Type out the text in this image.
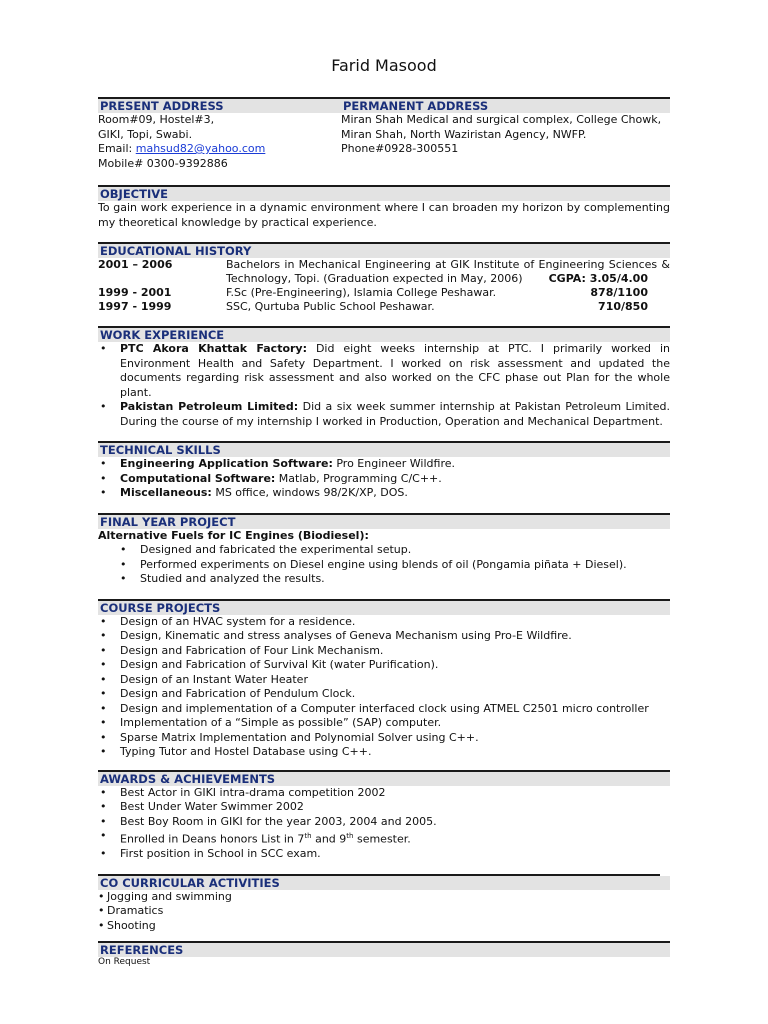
Farid Masood
PRESENT ADDRESS	PERMANENT ADDRESS
Room#09, Hostel#3,
GIKI, Topi, Swabi.
Email: mahsud82@yahoo.com
Mobile# 0300-9392886
Miran Shah Medical and surgical complex, College Chowk,
Miran Shah, North Waziristan Agency, NWFP.
Phone#0928-300551
OBJECTIVE
To gain work experience in a dynamic environment where I can broaden my horizon by complementing my theoretical knowledge by practical experience.
EDUCATIONAL HISTORY
2001 – 2006	Bachelors in Mechanical Engineering at GIK Institute of Engineering Sciences & Technology, Topi. (Graduation expected in May, 2006)	CGPA: 3.05/4.00
1999 - 2001	F.Sc (Pre-Engineering), Islamia College Peshawar.	878/1100
1997 - 1999	SSC, Qurtuba Public School Peshawar.	710/850
WORK EXPERIENCE
• PTC Akora Khattak Factory: Did eight weeks internship at PTC. I primarily worked in Environment Health and Safety Department. I worked on risk assessment and updated the documents regarding risk assessment and also worked on the CFC phase out Plan for the whole plant.
• Pakistan Petroleum Limited: Did a six week summer internship at Pakistan Petroleum Limited. During the course of my internship I worked in Production, Operation and Mechanical Department.
TECHNICAL SKILLS
• Engineering Application Software: Pro Engineer Wildfire.
• Computational Software: Matlab, Programming C/C++.
• Miscellaneous: MS office, windows 98/2K/XP, DOS.
FINAL YEAR PROJECT
Alternative Fuels for IC Engines (Biodiesel):
• Designed and fabricated the experimental setup.
• Performed experiments on Diesel engine using blends of oil (Pongamia piñata + Diesel).
• Studied and analyzed the results.
COURSE PROJECTS
• Design of an HVAC system for a residence.
• Design, Kinematic and stress analyses of Geneva Mechanism using Pro-E Wildfire.
• Design and Fabrication of Four Link Mechanism.
• Design and Fabrication of Survival Kit (water Purification).
• Design of an Instant Water Heater
• Design and Fabrication of Pendulum Clock.
• Design and implementation of a Computer interfaced clock using ATMEL C2501 micro controller
• Implementation of a “Simple as possible” (SAP) computer.
• Sparse Matrix Implementation and Polynomial Solver using C++.
• Typing Tutor and Hostel Database using C++.
AWARDS & ACHIEVEMENTS
• Best Actor in GIKI intra-drama competition 2002
• Best Under Water Swimmer 2002
• Best Boy Room in GIKI for the year 2003, 2004 and 2005.
• Enrolled in Deans honors List in 7th and 9th semester.
• First position in School in SCC exam.
CO CURRICULAR ACTIVITIES
• Jogging and swimming
• Dramatics
• Shooting
REFERENCES
On Request
